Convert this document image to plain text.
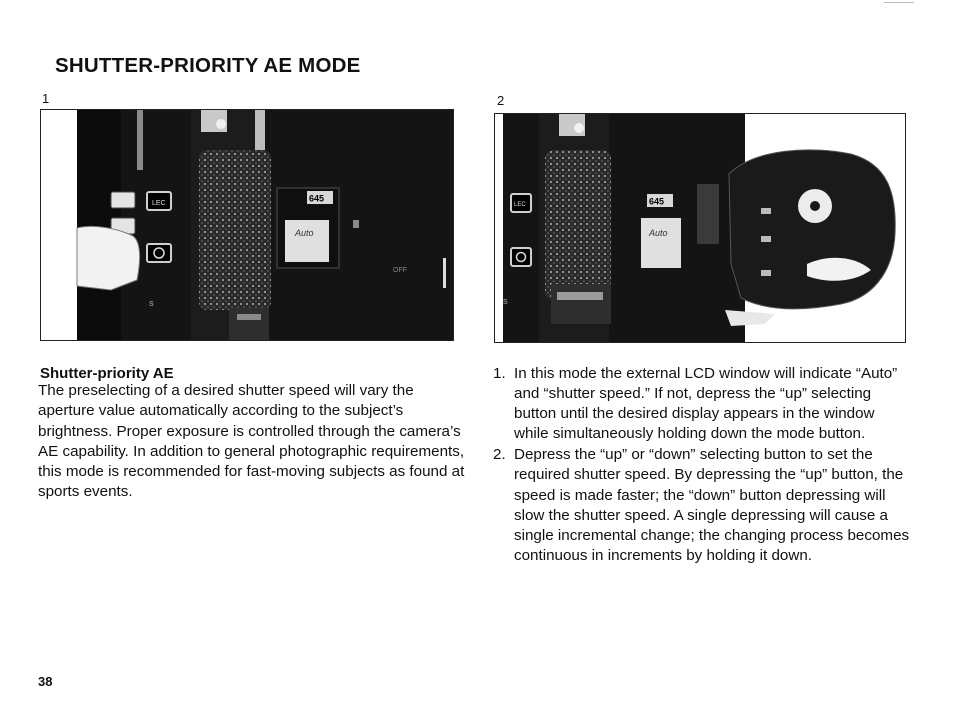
SHUTTER-PRIORITY AE MODE
1
645
Auto
LEC
S
OFF
2
LEC
S
645
Auto
Shutter-priority AE

The preselecting of a desired shutter speed will vary the aperture value automatically according to the subject’s brightness. Proper exposure is controlled through the camera’s AE capability. In addition to general photographic requirements, this mode is recommended for fast-moving subjects as found at sports events.

1. In this mode the external LCD window will indicate “Auto” and “shutter speed.” If not, depress the “up” selecting button until the desired display appears in the window while simultaneously holding down the mode button.
2. Depress the “up” or “down” selecting button to set the required shutter speed. By depressing the “up” button, the speed is made faster; the “down” button depressing will slow the shutter speed. A single depressing will cause a single incremental change; the changing process becomes continuous in increments by holding it down.
38
